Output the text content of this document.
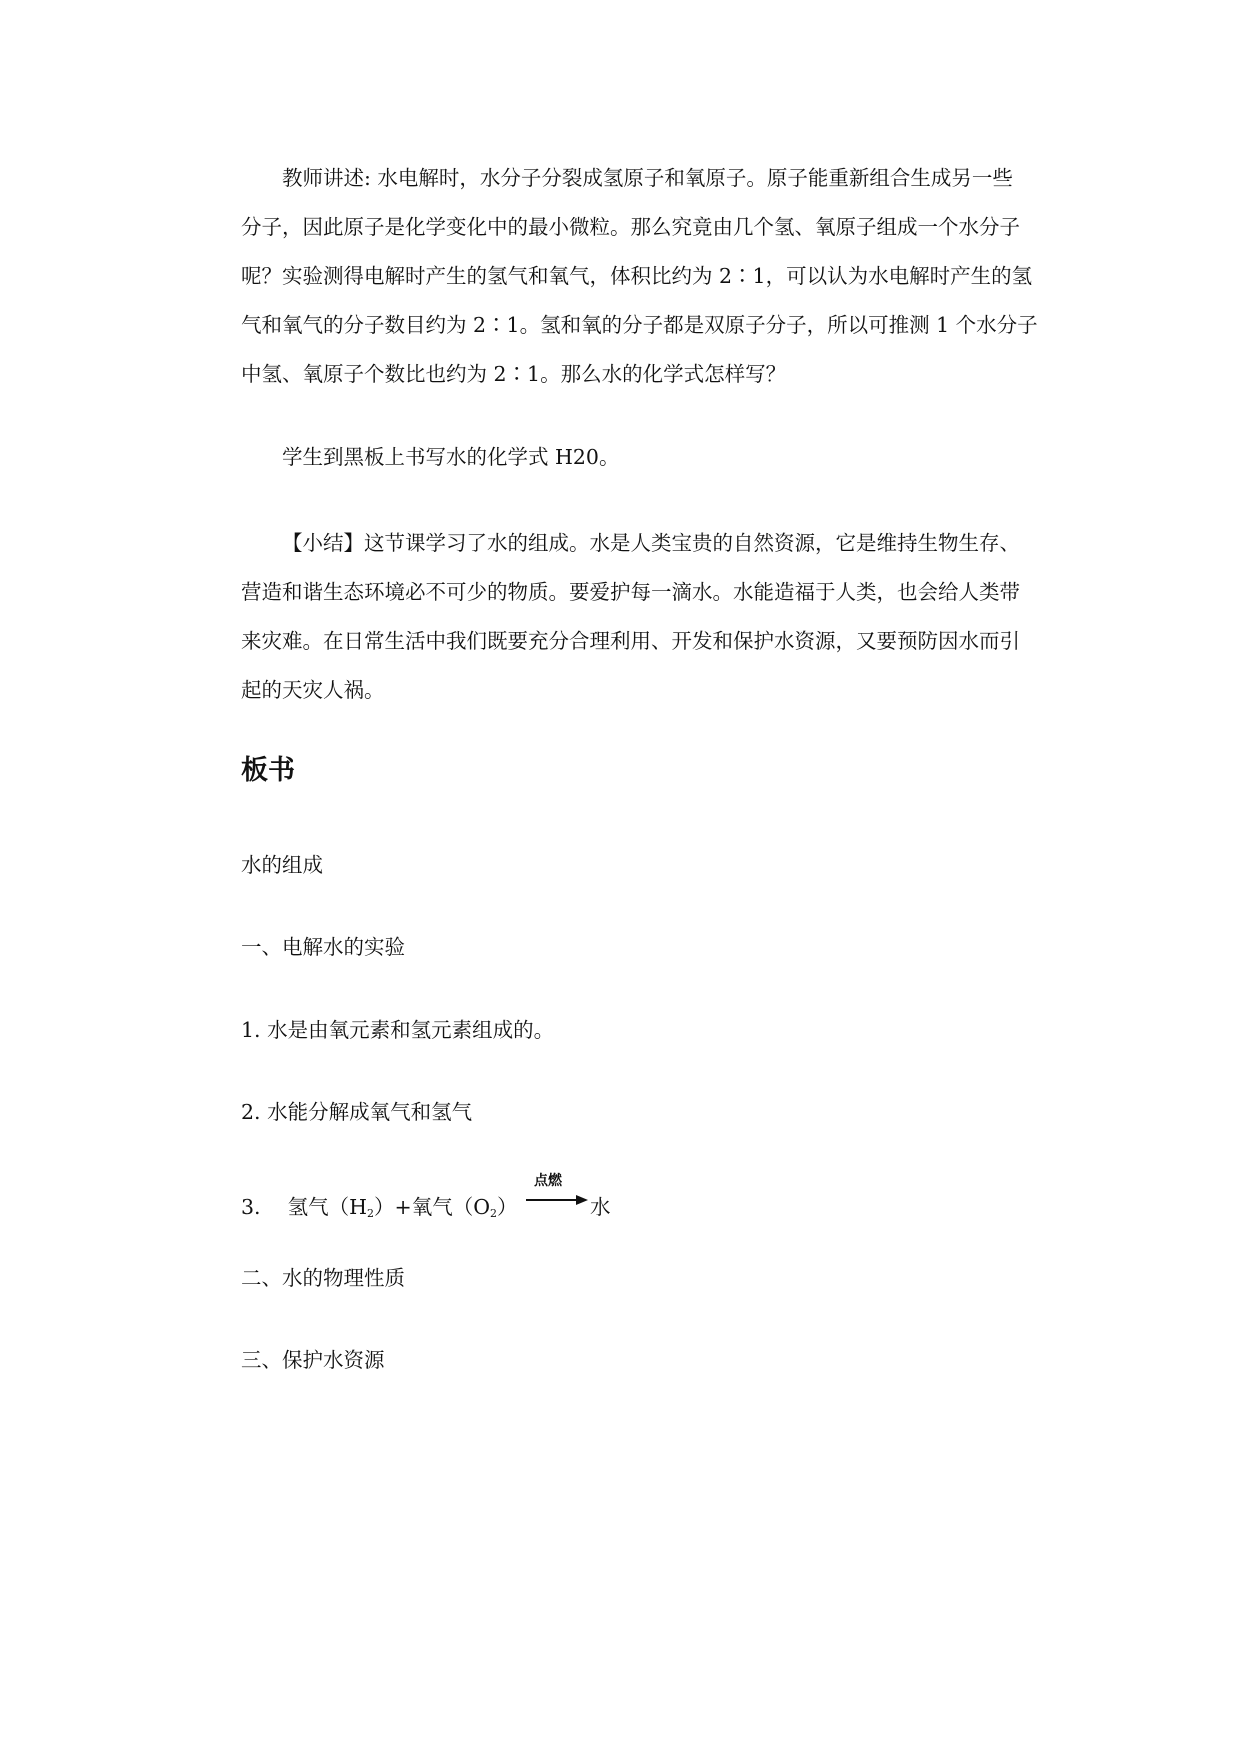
教师讲述: 水电解时，水分子分裂成氢原子和氧原子。原子能重新组合生成另一些
分子，因此原子是化学变化中的最小微粒。那么究竟由几个氢、氧原子组成一个水分子
呢？实验测得电解时产生的氢气和氧气，体积比约为 2∶1，可以认为水电解时产生的氢
气和氧气的分子数目约为 2∶1。氢和氧的分子都是双原子分子，所以可推测 1 个水分子
中氢、氧原子个数比也约为 2∶1。那么水的化学式怎样写？
学生到黑板上书写水的化学式 H20。
【小结】这节课学习了水的组成。水是人类宝贵的自然资源，它是维持生物生存、
营造和谐生态环境必不可少的物质。要爱护每一滴水。水能造福于人类，也会给人类带
来灾难。在日常生活中我们既要充分合理利用、开发和保护水资源，又要预防因水而引
起的天灾人祸。
板书

水的组成

一、电解水的实验

1. 水是由氧元素和氢元素组成的。

2. 水能分解成氧气和氢气

3. 氢气（H2）+氧气（O2）
点燃
水

二、水的物理性质

三、保护水资源
